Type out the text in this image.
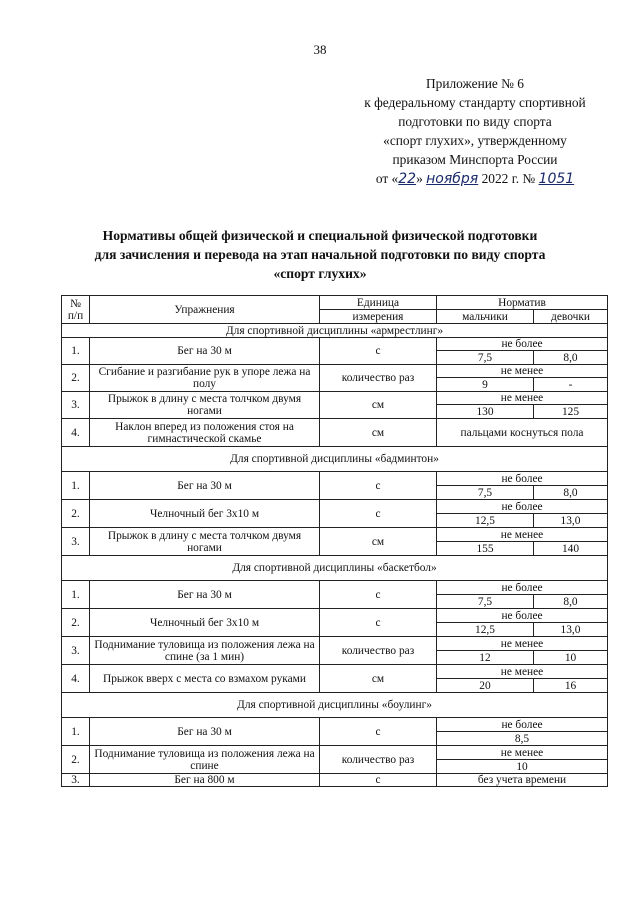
38
Приложение № 6
к федеральному стандарту спортивной
подготовки по виду спорта
«спорт глухих», утвержденному
приказом Минспорта России
от «22» ноября 2022 г. № 1051
Нормативы общей физической и специальной физической подготовки
для зачисления и перевода на этап начальной подготовки по виду спорта
«спорт глухих»
№ п/п	Упражнения	Единица	Норматив	
		измерения	мальчики	девочки
Для спортивной дисциплины «армрестлинг»				
1.	Бег на 30 м	с	не более	
			7,5	8,0
2.	Сгибание и разгибание рук в упоре лежа на полу	количество раз	не менее	
			9	-
3.	Прыжок в длину с места толчком двумя ногами	см	не менее	
			130	125
4.	Наклон вперед из положения стоя на гимнастической скамье	см	пальцами коснуться пола	
Для спортивной дисциплины «бадминтон»				
1.	Бег на 30 м	с	не более	
			7,5	8,0
2.	Челночный бег 3x10 м	с	не более	
			12,5	13,0
3.	Прыжок в длину с места толчком двумя ногами	см	не менее	
			155	140
Для спортивной дисциплины «баскетбол»				
1.	Бег на 30 м	с	не более	
			7,5	8,0
2.	Челночный бег 3x10 м	с	не более	
			12,5	13,0
3.	Поднимание туловища из положения лежа на спине (за 1 мин)	количество раз	не менее	
			12	10
4.	Прыжок вверх с места со взмахом руками	см	не менее	
			20	16
Для спортивной дисциплины «боулинг»				
1.	Бег на 30 м	с	не более	
			8,5	
2.	Поднимание туловища из положения лежа на спине	количество раз	не менее	
			10	
3.	Бег на 800 м	с	без учета времени	
